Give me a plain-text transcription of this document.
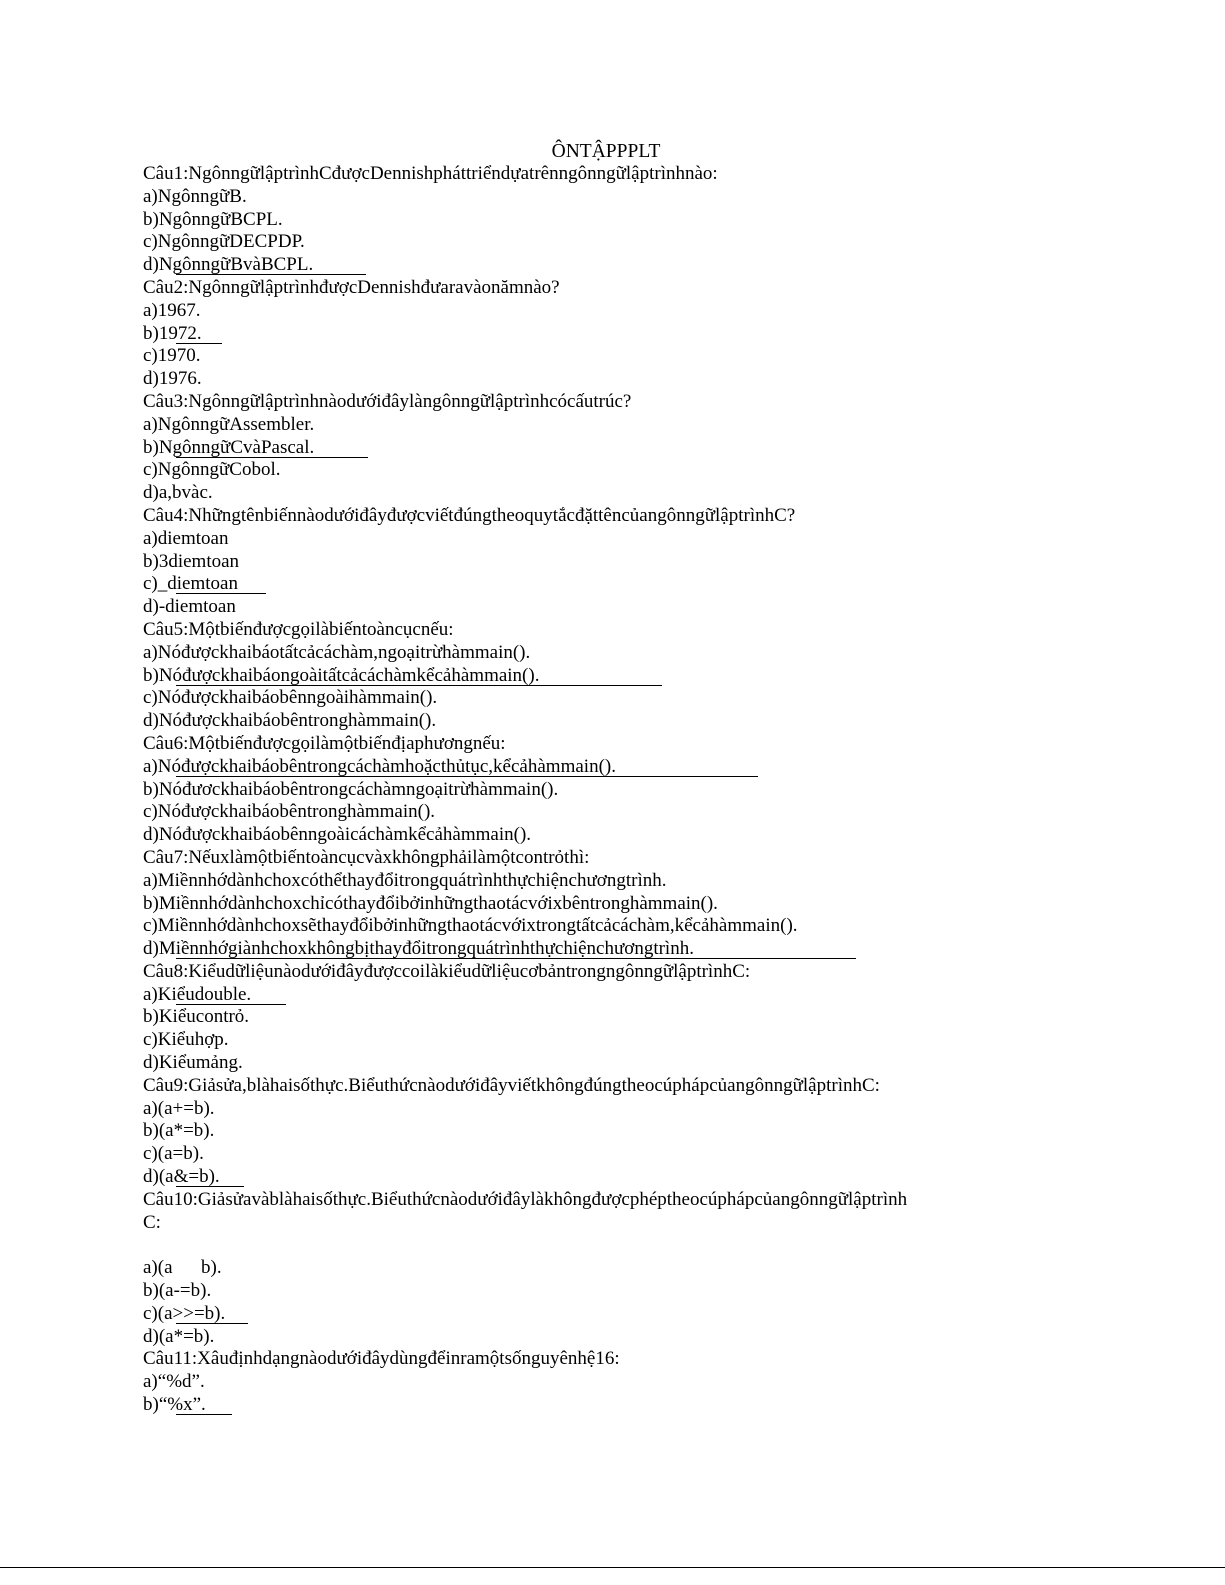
ÔNTẬPPPLT
Câu1:NgônngữlậptrìnhCđượcDennishpháttriểndựatrênngônngữlậptrìnhnào:
a)NgônngữB.
b)NgônngữBCPL.
c)NgônngữDECPDP.
d)NgônngữBvàBCPL.
Câu2:NgônngữlậptrìnhđượcDennishđưaravàonămnào?
a)1967.
b)1972.
c)1970.
d)1976.
Câu3:Ngônngữlậptrìnhnàodướiđâylàngônngữlậptrìnhcócấutrúc?
a)NgônngữAssembler.
b)NgônngữCvàPascal.
c)NgônngữCobol.
d)a,bvàc.
Câu4:NhữngtênbiếnnàodướiđâyđượcviếtđúngtheoquytắcđặttêncủangônngữlậptrìnhC?
a)diemtoan
b)3diemtoan
c)_diemtoan
d)-diemtoan
Câu5:Mộtbiếnđượcgọilàbiếntoàncụcnếu:
a)Nóđượckhaibáotấtcảcáchàm,ngoạitrừhàmmain().
b)Nóđượckhaibáongoàitấtcảcáchàmkểcảhàmmain().
c)Nóđượckhaibáobênngoàihàmmain().
d)Nóđượckhaibáobêntronghàmmain().
Câu6:Mộtbiếnđượcgọilàmộtbiếnđịaphươngnếu:
a)Nóđượckhaibáobêntrongcáchàmhoặcthủtục,kểcảhàmmain().
b)Nóđươckhaibáobêntrongcáchàmngoạitrừhàmmain().
c)Nóđượckhaibáobêntronghàmmain().
d)Nóđượckhaibáobênngoàicáchàmkểcảhàmmain().
Câu7:Nếuxlàmộtbiếntoàncụcvàxkhôngphảilàmộtcontrỏthì:
a)Miềnnhớdànhchoxcóthểthayđổitrongquátrìnhthựchiệnchươngtrình.
b)Miềnnhớdànhchoxchỉcóthayđổibởinhữngthaotácvớixbêntronghàmmain().
c)Miềnnhớdànhchoxsẽthayđổibởinhữngthaotácvớixtrongtấtcảcáchàm,kểcảhàmmain().
d)Miềnnhớgiànhchoxkhôngbịthayđổitrongquátrìnhthựchiệnchươngtrình.
Câu8:KiểudữliệunàodướiđâyđượccoilàkiểudữliệucơbảntrongngônngữlậptrìnhC:
a)Kiểudouble.
b)Kiểucontrỏ.
c)Kiểuhợp.
d)Kiểumảng.
Câu9:Giảsửa,blàhaisốthực.BiểuthứcnàodướiđâyviếtkhôngđúngtheocúphápcủangônngữlậptrìnhC:
a)(a+=b).
b)(a*=b).
c)(a=b).
d)(a&=b).
Câu10:Giảsửavàblàhaisốthực.Biểuthứcnàodướiđâylàkhôngđượcphéptheocúphápcủangônngữlậptrình
C:
a)(a      b).
b)(a-=b).
c)(a>>=b).
d)(a*=b).
Câu11:Xâuđịnhdạngnàodướiđâydùngđểinramộtsốnguyênhệ16:
a)“%d”.
b)“%x”.
